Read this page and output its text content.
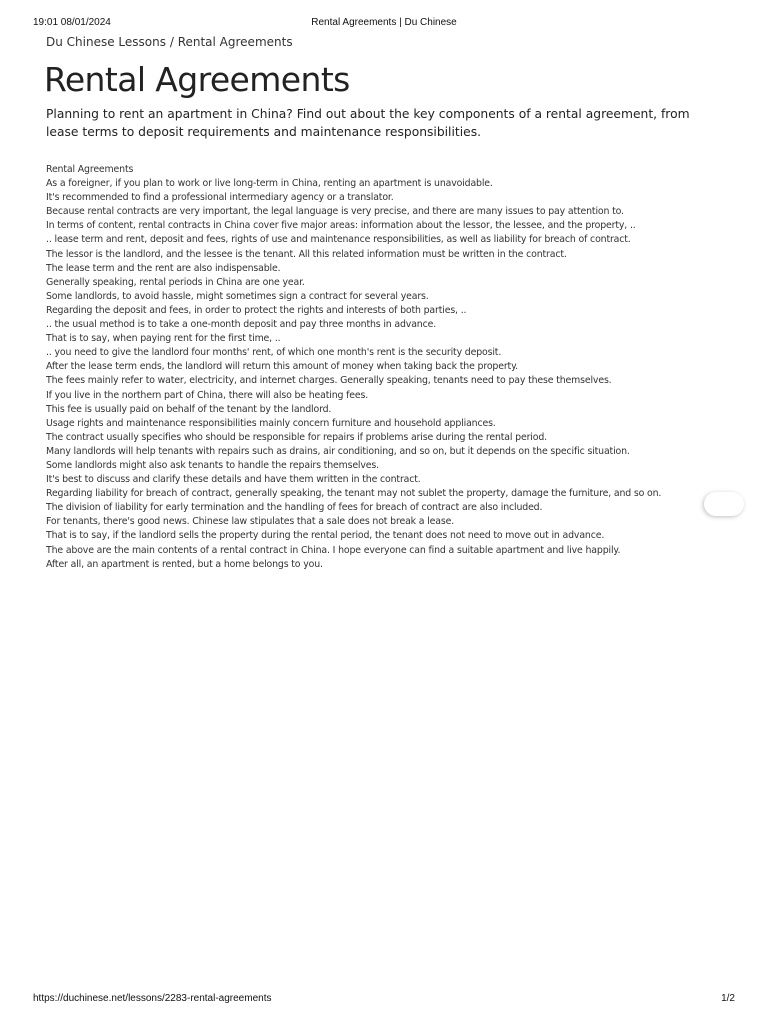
19:01 08/01/2024	Rental Agreements | Du Chinese
Du Chinese Lessons / Rental Agreements
Rental Agreements

Planning to rent an apartment in China? Find out about the key components of a rental agreement, from lease terms to deposit requirements and maintenance responsibilities.

Rental Agreements
As a foreigner, if you plan to work or live long-term in China, renting an apartment is unavoidable.
It's recommended to find a professional intermediary agency or a translator.
Because rental contracts are very important, the legal language is very precise, and there are many issues to pay attention to.
In terms of content, rental contracts in China cover five major areas: information about the lessor, the lessee, and the property, ..
.. lease term and rent, deposit and fees, rights of use and maintenance responsibilities, as well as liability for breach of contract.
The lessor is the landlord, and the lessee is the tenant. All this related information must be written in the contract.
The lease term and the rent are also indispensable.
Generally speaking, rental periods in China are one year.
Some landlords, to avoid hassle, might sometimes sign a contract for several years.
Regarding the deposit and fees, in order to protect the rights and interests of both parties, ..
.. the usual method is to take a one-month deposit and pay three months in advance.
That is to say, when paying rent for the first time, ..
.. you need to give the landlord four months' rent, of which one month's rent is the security deposit.
After the lease term ends, the landlord will return this amount of money when taking back the property.
The fees mainly refer to water, electricity, and internet charges. Generally speaking, tenants need to pay these themselves.
If you live in the northern part of China, there will also be heating fees.
This fee is usually paid on behalf of the tenant by the landlord.
Usage rights and maintenance responsibilities mainly concern furniture and household appliances.
The contract usually specifies who should be responsible for repairs if problems arise during the rental period.
Many landlords will help tenants with repairs such as drains, air conditioning, and so on, but it depends on the specific situation.
Some landlords might also ask tenants to handle the repairs themselves.
It's best to discuss and clarify these details and have them written in the contract.
Regarding liability for breach of contract, generally speaking, the tenant may not sublet the property, damage the furniture, and so on.
The division of liability for early termination and the handling of fees for breach of contract are also included.
For tenants, there's good news. Chinese law stipulates that a sale does not break a lease.
That is to say, if the landlord sells the property during the rental period, the tenant does not need to move out in advance.
The above are the main contents of a rental contract in China. I hope everyone can find a suitable apartment and live happily.
After all, an apartment is rented, but a home belongs to you.
https://duchinese.net/lessons/2283-rental-agreements	1/2
